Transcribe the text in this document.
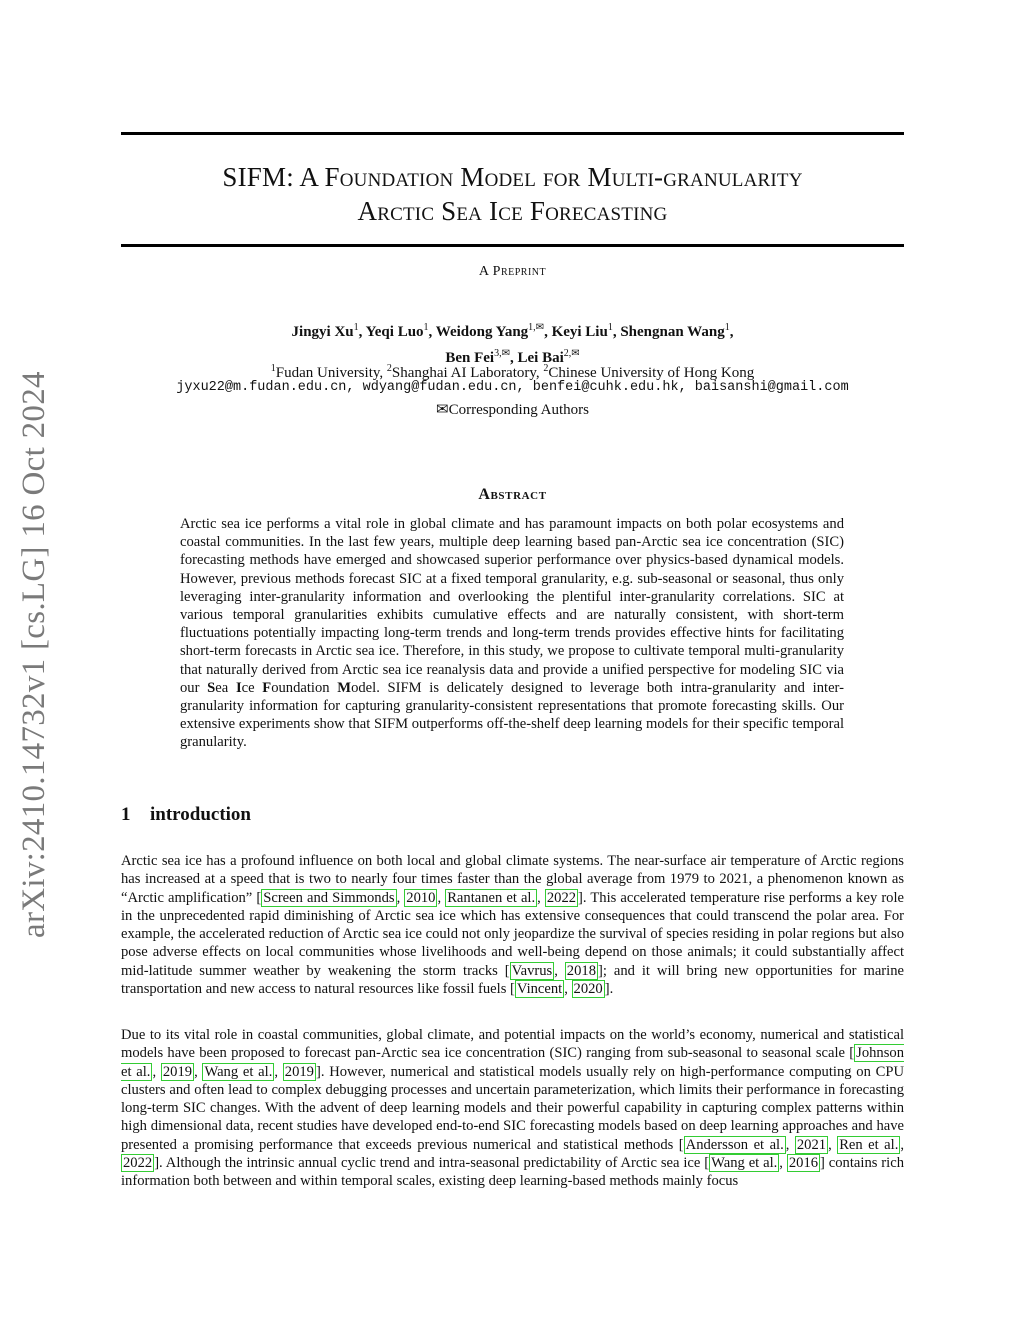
arXiv:2410.14732v1 [cs.LG] 16 Oct 2024
SIFM: A Foundation Model for Multi-granularity
Arctic Sea Ice Forecasting
A Preprint
Jingyi Xu$^1$, Yeqi Luo$^1$, Weidong Yang$^{1,✉}$, Keyi Liu$^1$, Shengnan Wang$^1$,
Ben Fei$^{3,✉}$, Lei Bai$^{2,✉}$
$^1$Fudan University, $^2$Shanghai AI Laboratory, $^2$Chinese University of Hong Kong
jyxu22@m.fudan.edu.cn, wdyang@fudan.edu.cn, benfei@cuhk.edu.hk, baisanshi@gmail.com
✉Corresponding Authors
Abstract
Arctic sea ice performs a vital role in global climate and has paramount impacts on both polar ecosystems and coastal communities. In the last few years, multiple deep learning based pan-Arctic sea ice concentration (SIC) forecasting methods have emerged and showcased superior performance over physics-based dynamical models. However, previous methods forecast SIC at a fixed temporal granularity, e.g. sub-seasonal or seasonal, thus only leveraging inter-granularity information and overlooking the plentiful inter-granularity correlations. SIC at various temporal granularities exhibits cumulative effects and are naturally consistent, with short-term fluctuations potentially impacting long-term trends and long-term trends provides effective hints for facilitating short-term forecasts in Arctic sea ice. Therefore, in this study, we propose to cultivate temporal multi-granularity that naturally derived from Arctic sea ice reanalysis data and provide a unified perspective for modeling SIC via our Sea Ice Foundation Model. SIFM is delicately designed to leverage both intra-granularity and inter-granularity information for capturing granularity-consistent representations that promote forecasting skills. Our extensive experiments show that SIFM outperforms off-the-shelf deep learning models for their specific temporal granularity.
1 introduction
Arctic sea ice has a profound influence on both local and global climate systems. The near-surface air temperature of Arctic regions has increased at a speed that is two to nearly four times faster than the global average from 1979 to 2021, a phenomenon known as “Arctic amplification” [ Screen and Simmonds , 2010 , Rantanen et al. , 2022 ]. This accelerated temperature rise performs a key role in the unprecedented rapid diminishing of Arctic sea ice which has extensive consequences that could transcend the polar area. For example, the accelerated reduction of Arctic sea ice could not only jeopardize the survival of species residing in polar regions but also pose adverse effects on local communities whose livelihoods and well-being depend on those animals; it could substantially affect mid-latitude summer weather by weakening the storm tracks [ Vavrus , 2018 ]; and it will bring new opportunities for marine transportation and new access to natural resources like fossil fuels [ Vincent , 2020 ].
Due to its vital role in coastal communities, global climate, and potential impacts on the world’s economy, numerical and statistical models have been proposed to forecast pan-Arctic sea ice concentration (SIC) ranging from sub-seasonal to seasonal scale [ Johnson et al. , 2019 , Wang et al. , 2019 ]. However, numerical and statistical models usually rely on high-performance computing on CPU clusters and often lead to complex debugging processes and uncertain parameterization, which limits their performance in forecasting long-term SIC changes. With the advent of deep learning models and their powerful capability in capturing complex patterns within high dimensional data, recent studies have developed end-to-end SIC forecasting models based on deep learning approaches and have presented a promising performance that exceeds previous numerical and statistical methods [ Andersson et al. , 2021 , Ren et al. , 2022 ]. Although the intrinsic annual cyclic trend and intra-seasonal predictability of Arctic sea ice [ Wang et al. , 2016 ] contains rich information both between and within temporal scales, existing deep learning-based methods mainly focus
